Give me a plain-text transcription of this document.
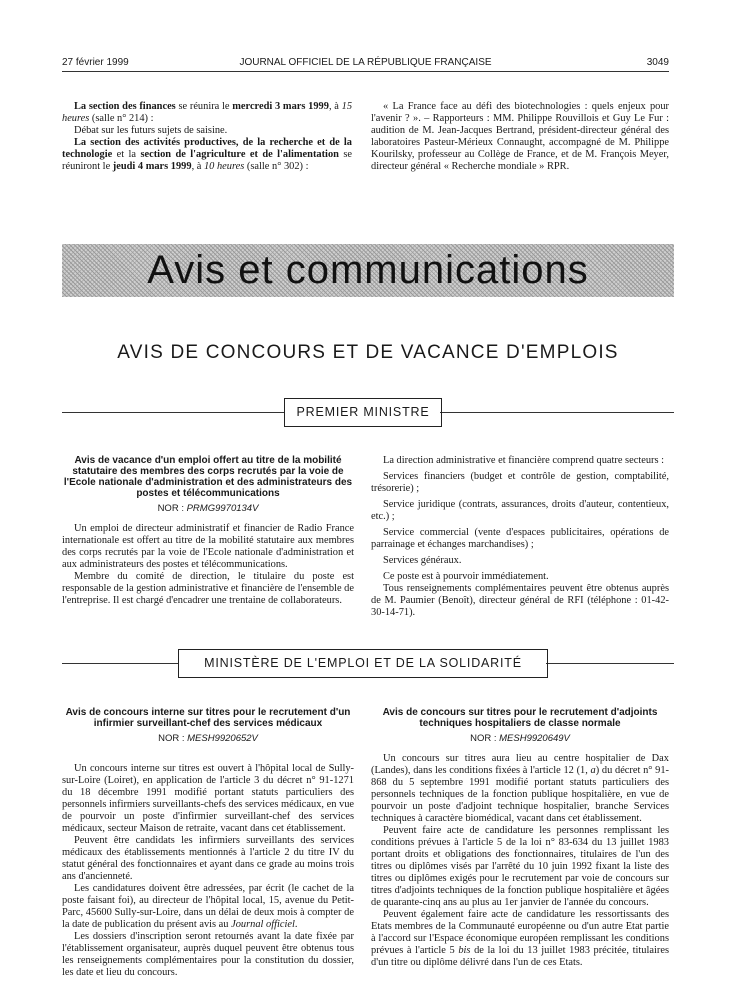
27 février 1999	JOURNAL OFFICIEL DE LA RÉPUBLIQUE FRANÇAISE	3049

La section des finances se réunira le mercredi 3 mars 1999, à 15 heures (salle n° 214) :

Débat sur les futurs sujets de saisine.

La section des activités productives, de la recherche et de la technologie et la section de l'agriculture et de l'alimentation se réuniront le jeudi 4 mars 1999, à 10 heures (salle n° 302) :

« La France face au défi des biotechnologies : quels enjeux pour l'avenir ? ». – Rapporteurs : MM. Philippe Rouvillois et Guy Le Fur : audition de M. Jean-Jacques Bertrand, président-directeur général des laboratoires Pasteur-Mérieux Connaught, accompagné de M. Philippe Kourilsky, professeur au Collège de France, et de M. François Meyer, directeur général « Recherche mondiale » RPR.

Avis et communications
AVIS DE CONCOURS ET DE VACANCE D'EMPLOIS
PREMIER MINISTRE
Avis de vacance d'un emploi offert au titre de la mobilité statutaire des membres des corps recrutés par la voie de l'Ecole nationale d'administration et des administrateurs des postes et télécommunications
NOR : PRMG9970134V

Un emploi de directeur administratif et financier de Radio France internationale est offert au titre de la mobilité statutaire aux membres des corps recrutés par la voie de l'Ecole nationale d'administration et aux administrateurs des postes et télécommunications.

Membre du comité de direction, le titulaire du poste est responsable de la gestion administrative et financière de l'ensemble de l'entreprise. Il est chargé d'encadrer une trentaine de collaborateurs.

La direction administrative et financière comprend quatre secteurs :

Services financiers (budget et contrôle de gestion, comptabilité, trésorerie) ;

Service juridique (contrats, assurances, droits d'auteur, contentieux, etc.) ;

Service commercial (vente d'espaces publicitaires, opérations de parrainage et échanges marchandises) ;

Services généraux.

Ce poste est à pourvoir immédiatement.

Tous renseignements complémentaires peuvent être obtenus auprès de M. Paumier (Benoît), directeur général de RFI (téléphone : 01-42-30-14-71).

MINISTÈRE DE L'EMPLOI ET DE LA SOLIDARITÉ
Avis de concours interne sur titres pour le recrutement d'un infirmier surveillant-chef des services médicaux
NOR : MESH9920652V

Un concours interne sur titres est ouvert à l'hôpital local de Sully-sur-Loire (Loiret), en application de l'article 3 du décret n° 91-1271 du 18 décembre 1991 modifié portant statuts particuliers des personnels infirmiers surveillants-chefs des services médicaux, en vue de pourvoir un poste d'infirmier surveillant-chef des services médicaux, secteur Maison de retraite, vacant dans cet établissement.

Peuvent être candidats les infirmiers surveillants des services médicaux des établissements mentionnés à l'article 2 du titre IV du statut général des fonctionnaires et ayant dans ce grade au moins trois ans d'ancienneté.

Les candidatures doivent être adressées, par écrit (le cachet de la poste faisant foi), au directeur de l'hôpital local, 15, avenue du Petit-Parc, 45600 Sully-sur-Loire, dans un délai de deux mois à compter de la date de publication du présent avis au Journal officiel.

Les dossiers d'inscription seront retournés avant la date fixée par l'établissement organisateur, auprès duquel peuvent être obtenus tous les renseignements complémentaires pour la constitution du dossier, les date et lieu du concours.

Avis de concours sur titres pour le recrutement d'adjoints techniques hospitaliers de classe normale
NOR : MESH9920649V

Un concours sur titres aura lieu au centre hospitalier de Dax (Landes), dans les conditions fixées à l'article 12 (1, a) du décret n° 91-868 du 5 septembre 1991 modifié portant statuts particuliers des personnels techniques de la fonction publique hospitalière, en vue de pourvoir un poste d'adjoint technique hospitalier, branche Services techniques à caractère biomédical, vacant dans cet établissement.

Peuvent faire acte de candidature les personnes remplissant les conditions prévues à l'article 5 de la loi n° 83-634 du 13 juillet 1983 portant droits et obligations des fonctionnaires, titulaires de l'un des titres ou diplômes visés par l'arrêté du 10 juin 1992 fixant la liste des titres ou diplômes exigés pour le recrutement par voie de concours sur titres d'adjoints techniques de la fonction publique hospitalière et âgées de quarante-cinq ans au plus au 1er janvier de l'année du concours.

Peuvent également faire acte de candidature les ressortissants des Etats membres de la Communauté européenne ou d'un autre Etat partie à l'accord sur l'Espace économique européen remplissant les conditions prévues à l'article 5 bis de la loi du 13 juillet 1983 précitée, titulaires d'un titre ou diplôme délivré dans l'un de ces Etats.
